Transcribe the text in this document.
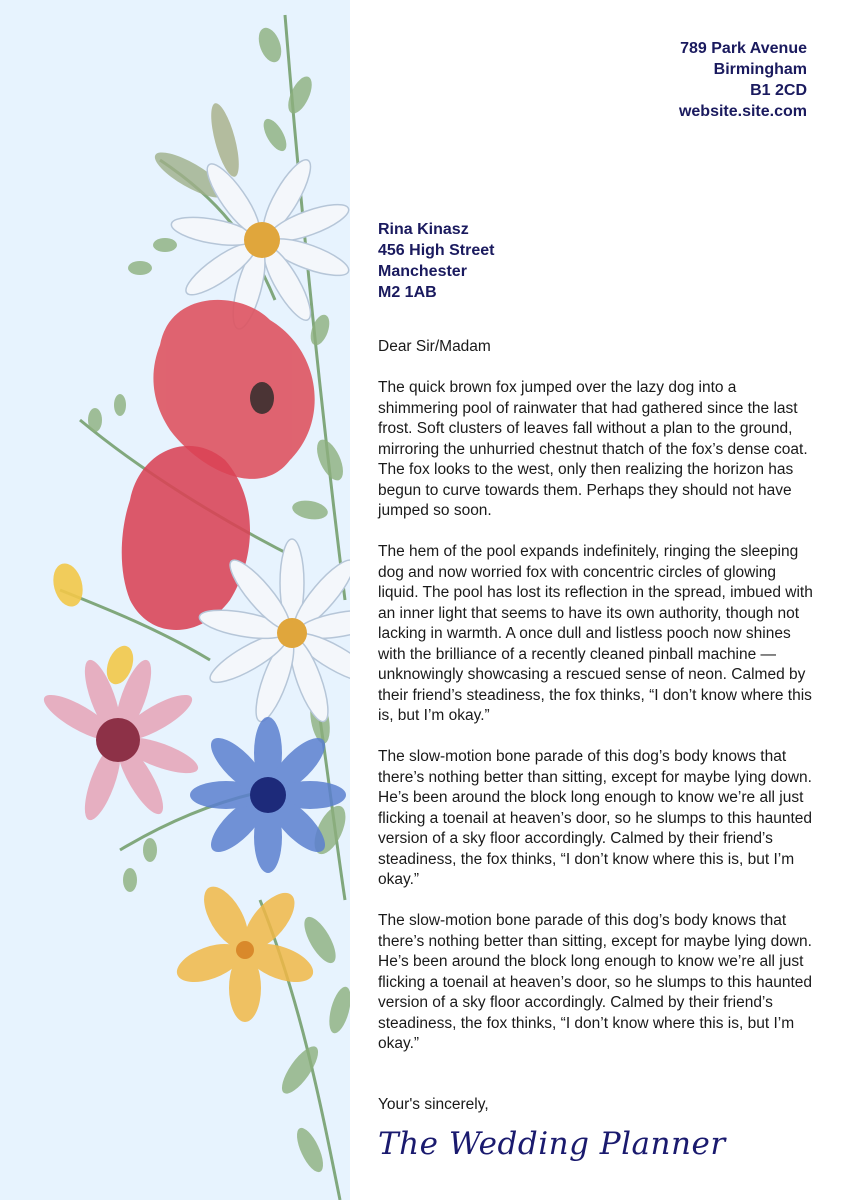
789 Park Avenue
Birmingham
B1 2CD
website.site.com
Rina Kinasz
456 High Street
Manchester
M2 1AB

Dear Sir/Madam

The quick brown fox jumped over the lazy dog into a shimmering pool of rainwater that had gathered since the last frost. Soft clusters of leaves fall without a plan to the ground, mirroring the unhurried chestnut thatch of the fox’s dense coat. The fox looks to the west, only then realizing the horizon has begun to curve towards them. Perhaps they should not have jumped so soon.

The hem of the pool expands indefinitely, ringing the sleeping dog and now worried fox with concentric circles of glowing liquid. The pool has lost its reflection in the spread, imbued with an inner light that seems to have its own authority, though not lacking in warmth. A once dull and listless pooch now shines with the brilliance of a recently cleaned pinball machine — unknowingly showcasing a rescued sense of neon. Calmed by their friend’s steadiness, the fox thinks, “I don’t know where this is, but I’m okay.”

The slow-motion bone parade of this dog’s body knows that there’s nothing better than sitting, except for maybe lying down. He’s been around the block long enough to know we’re all just flicking a toenail at heaven’s door, so he slumps to this haunted version of a sky floor accordingly. Calmed by their friend’s steadiness, the fox thinks, “I don’t know where this is, but I’m okay.”

The slow-motion bone parade of this dog’s body knows that there’s nothing better than sitting, except for maybe lying down. He’s been around the block long enough to know we’re all just flicking a toenail at heaven’s door, so he slumps to this haunted version of a sky floor accordingly. Calmed by their friend’s steadiness, the fox thinks, “I don’t know where this is, but I’m okay.”

Your's sincerely,
The Wedding Planner
